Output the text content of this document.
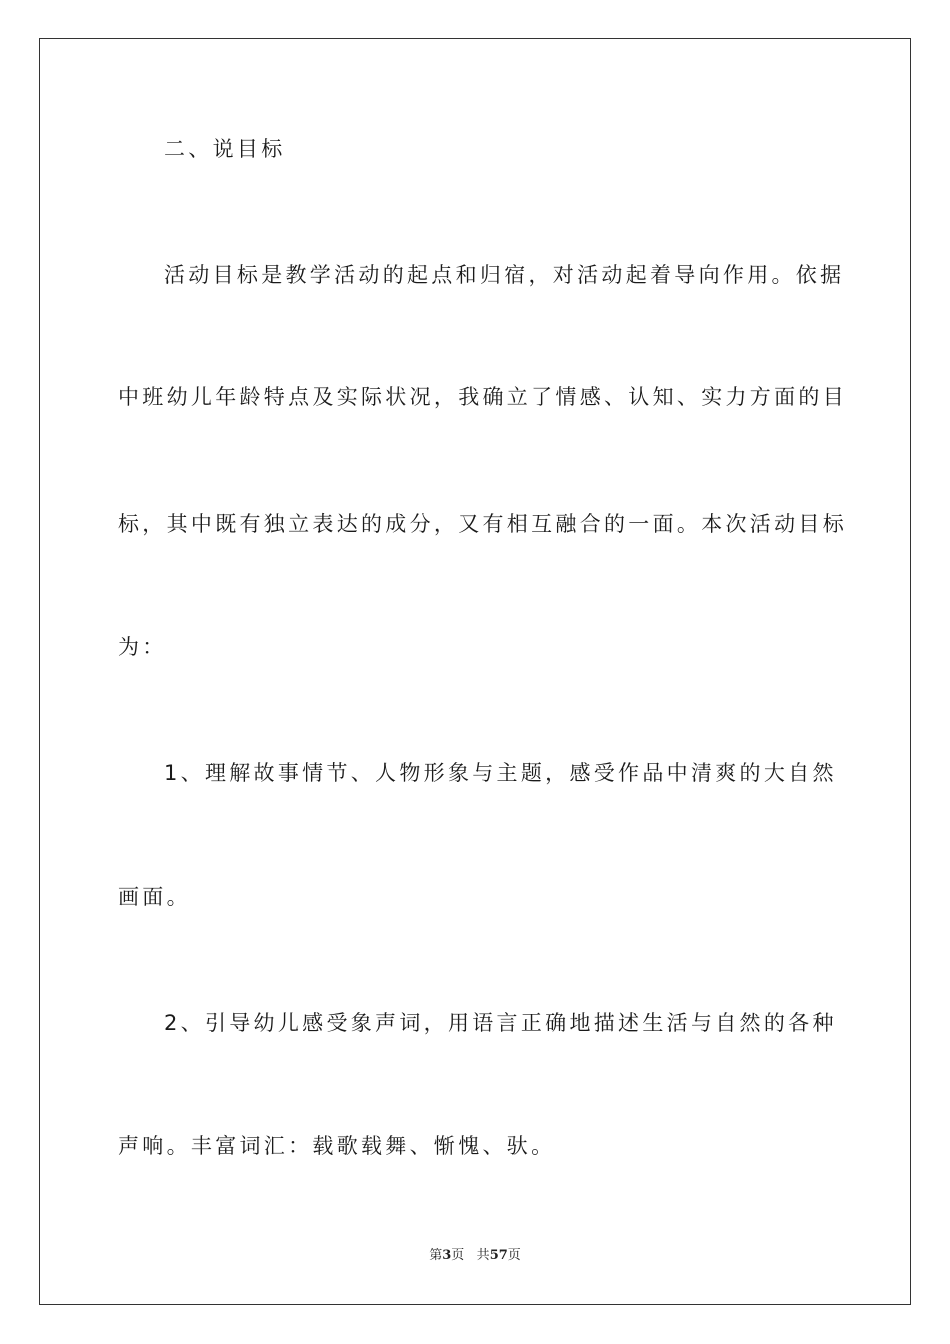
二、说目标
活动目标是教学活动的起点和归宿，对活动起着导向作用。依据
中班幼儿年龄特点及实际状况，我确立了情感、认知、实力方面的目
标，其中既有独立表达的成分，又有相互融合的一面。本次活动目标
为：
1、理解故事情节、人物形象与主题，感受作品中清爽的大自然
画面。
2、引导幼儿感受象声词，用语言正确地描述生活与自然的各种
声响。丰富词汇：载歌载舞、惭愧、驮。
第3页 共57页
